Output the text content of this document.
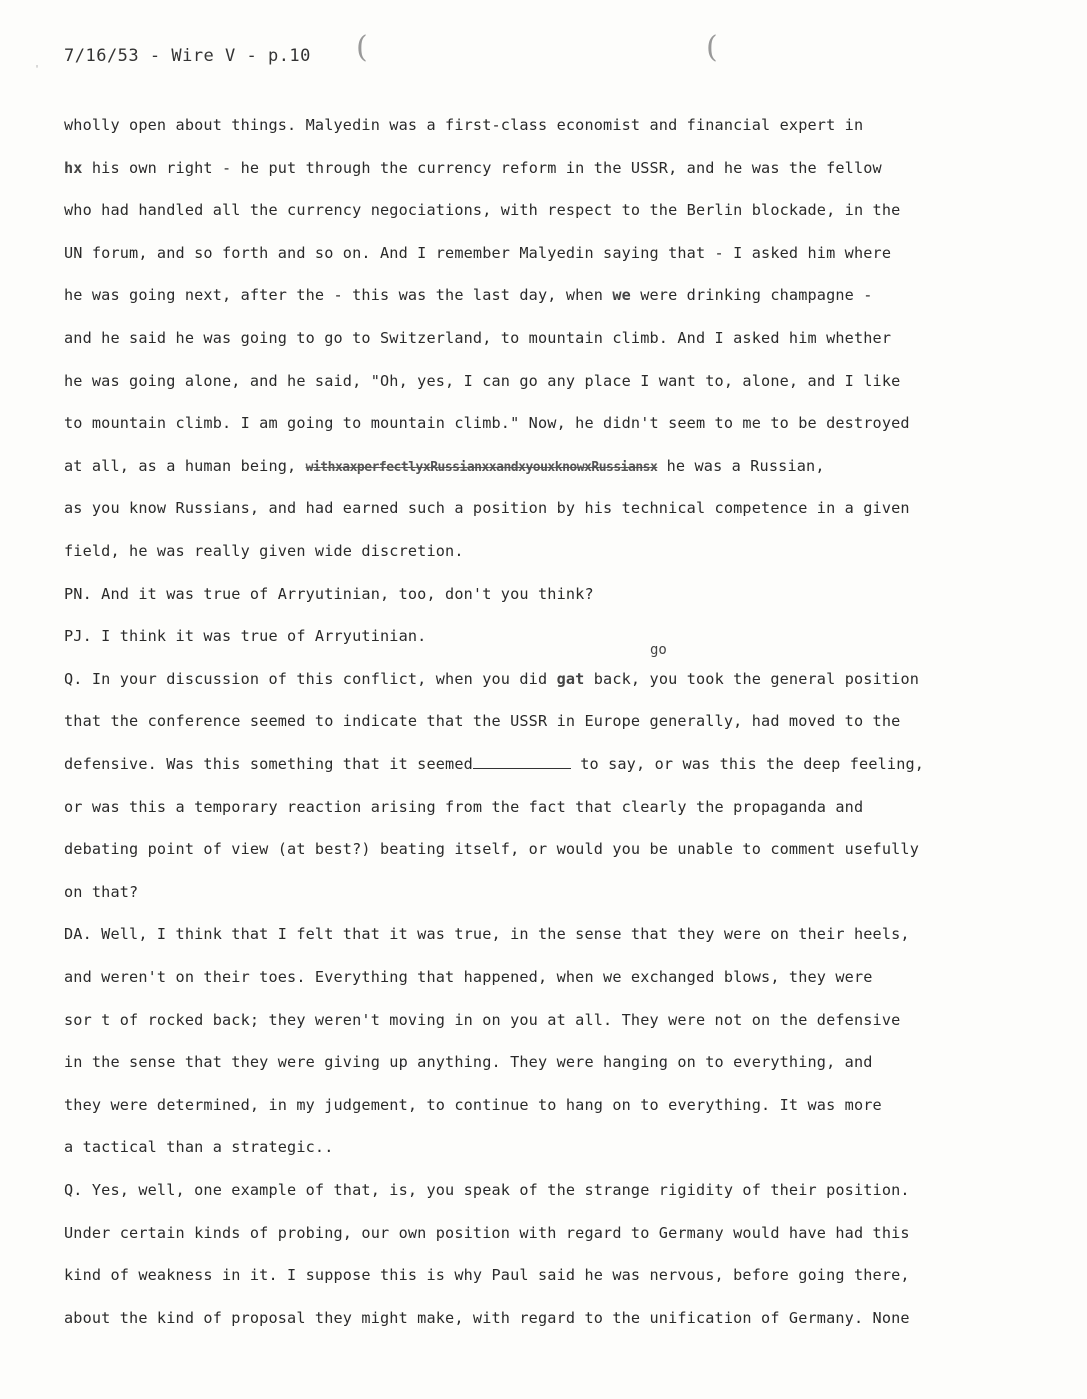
'
7/16/53 - Wire V - p.10 (	(
wholly open about things. Malyedin was a first-class economist and financial expert in
hx his own right - he put through the currency reform in the USSR, and he was the fellow
who had handled all the currency negociations, with respect to the Berlin blockade, in the
UN forum, and so forth and so on. And I remember Malyedin saying that - I asked him where
he was going next, after the - this was the last day, when we were drinking champagne -
and he said he was going to go to Switzerland, to mountain climb. And I asked him whether
he was going alone, and he said, "Oh, yes, I can go any place I want to, alone, and I like
to mountain climb. I am going to mountain climb." Now, he didn't seem to me to be destroyed
at all, as a human being, withxaxperfectlyxRussianxxandxyouxknowxRussiansx he was a Russian,
as you know Russians, and had earned such a position by his technical competence in a given
field, he was really given wide discretion.
PN. And it was true of Arryutinian, too, don't you think?
PJ. I think it was true of Arryutinian.
Q. In your discussion of this conflict, when you did gat back, you took the general position
that the conference seemed to indicate that the USSR in Europe generally, had moved to the
defensive. Was this something that it seemed	to say, or was this the deep feeling,
or was this a temporary reaction arising from the fact that clearly the propaganda and
debating point of view (at best?) beating itself, or would you be unable to comment usefully
on that?
DA. Well, I think that I felt that it was true, in the sense that they were on their heels,
and weren't on their toes. Everything that happened, when we exchanged blows, they were
sor t of rocked back; they weren't moving in on you at all. They were not on the defensive
in the sense that they were giving up anything. They were hanging on to everything, and
they were determined, in my judgement, to continue to hang on to everything. It was more
a tactical than a strategic..
Q. Yes, well, one example of that, is, you speak of the strange rigidity of their position.
Under certain kinds of probing, our own position with regard to Germany would have had this
kind of weakness in it. I suppose this is why Paul said he was nervous, before going there,
about the kind of proposal they might make, with regard to the unification of Germany. None
go
